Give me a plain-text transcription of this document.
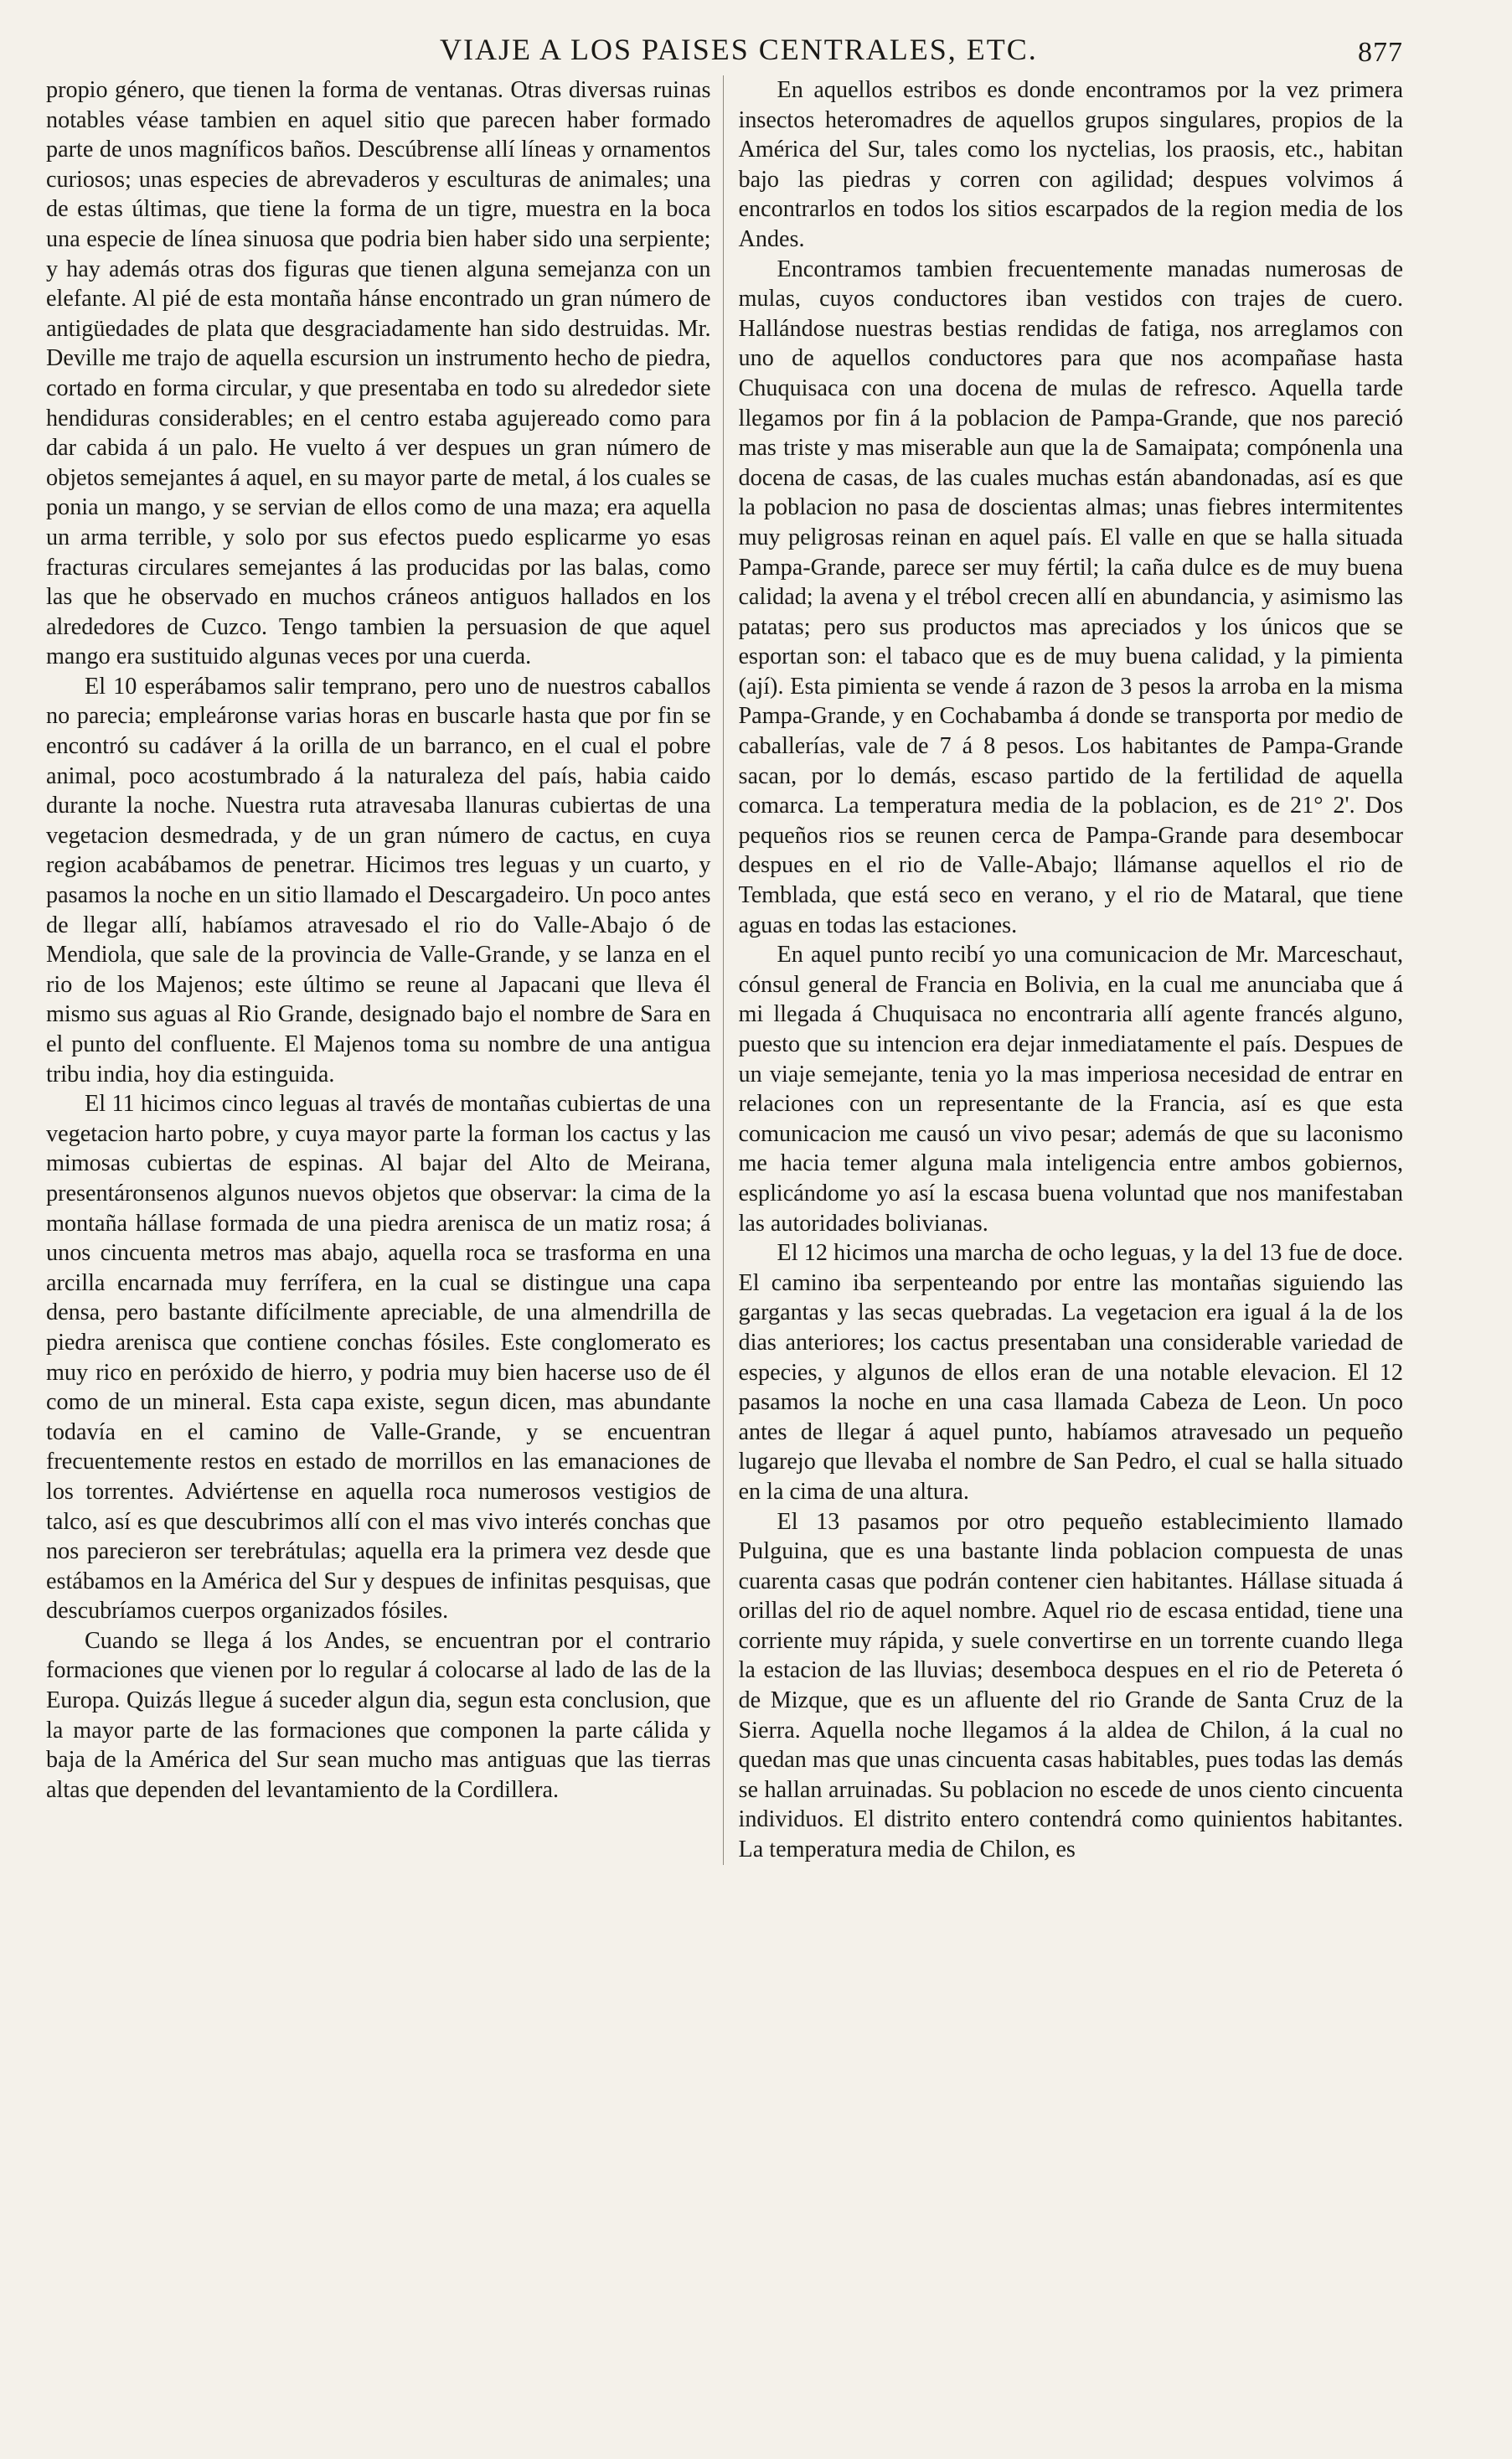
VIAJE A LOS PAISES CENTRALES, ETC.	877

propio género, que tienen la forma de ventanas. Otras diversas ruinas notables véase tambien en aquel sitio que parecen haber formado parte de unos magníficos baños. Descúbrense allí líneas y ornamentos curiosos; unas especies de abrevaderos y esculturas de animales; una de estas últimas, que tiene la forma de un tigre, muestra en la boca una especie de línea sinuosa que podria bien haber sido una serpiente; y hay además otras dos figuras que tienen alguna semejanza con un elefante. Al pié de esta montaña hánse encontrado un gran número de antigüedades de plata que desgraciadamente han sido destruidas. Mr. Deville me trajo de aquella escursion un instrumento hecho de piedra, cortado en forma circular, y que presentaba en todo su alrededor siete hendiduras considerables; en el centro estaba agujereado como para dar cabida á un palo. He vuelto á ver despues un gran número de objetos semejantes á aquel, en su mayor parte de metal, á los cuales se ponia un mango, y se servian de ellos como de una maza; era aquella un arma terrible, y solo por sus efectos puedo esplicarme yo esas fracturas circulares semejantes á las producidas por las balas, como las que he observado en muchos cráneos antiguos hallados en los alrededores de Cuzco. Tengo tambien la persuasion de que aquel mango era sustituido algunas veces por una cuerda.

El 10 esperábamos salir temprano, pero uno de nuestros caballos no parecia; empleáronse varias horas en buscarle hasta que por fin se encontró su cadáver á la orilla de un barranco, en el cual el pobre animal, poco acostumbrado á la naturaleza del país, habia caido durante la noche. Nuestra ruta atravesaba llanuras cubiertas de una vegetacion desmedrada, y de un gran número de cactus, en cuya region acabábamos de penetrar. Hicimos tres leguas y un cuarto, y pasamos la noche en un sitio llamado el Descargadeiro. Un poco antes de llegar allí, habíamos atravesado el rio do Valle-Abajo ó de Mendiola, que sale de la provincia de Valle-Grande, y se lanza en el rio de los Majenos; este último se reune al Japacani que lleva él mismo sus aguas al Rio Grande, designado bajo el nombre de Sara en el punto del confluente. El Majenos toma su nombre de una antigua tribu india, hoy dia estinguida.

El 11 hicimos cinco leguas al través de montañas cubiertas de una vegetacion harto pobre, y cuya mayor parte la forman los cactus y las mimosas cubiertas de espinas. Al bajar del Alto de Meirana, presentáronsenos algunos nuevos objetos que observar: la cima de la montaña hállase formada de una piedra arenisca de un matiz rosa; á unos cincuenta metros mas abajo, aquella roca se trasforma en una arcilla encarnada muy ferrífera, en la cual se distingue una capa densa, pero bastante difícilmente apreciable, de una almendrilla de piedra arenisca que contiene conchas fósiles. Este conglomerato es muy rico en peróxido de hierro, y podria muy bien hacerse uso de él como de un mineral. Esta capa existe, segun dicen, mas abundante todavía en el camino de Valle-Grande, y se encuentran frecuentemente restos en estado de morrillos en las emanaciones de los torrentes. Adviértense en aquella roca numerosos vestigios de talco, así es que descubrimos allí con el mas vivo interés conchas que nos parecieron ser terebrátulas; aquella era la primera vez desde que estábamos en la América del Sur y despues de infinitas pesquisas, que descubríamos cuerpos organizados fósiles.

Cuando se llega á los Andes, se encuentran por el contrario formaciones que vienen por lo regular á colocarse al lado de las de la Europa. Quizás llegue á suceder algun dia, segun esta conclusion, que la mayor parte de las formaciones que componen la parte cálida y baja de la América del Sur sean mucho mas antiguas que las tierras altas que dependen del levantamiento de la Cordillera.

En aquellos estribos es donde encontramos por la vez primera insectos heteromadres de aquellos grupos singulares, propios de la América del Sur, tales como los nyctelias, los praosis, etc., habitan bajo las piedras y corren con agilidad; despues volvimos á encontrarlos en todos los sitios escarpados de la region media de los Andes.

Encontramos tambien frecuentemente manadas numerosas de mulas, cuyos conductores iban vestidos con trajes de cuero. Hallándose nuestras bestias rendidas de fatiga, nos arreglamos con uno de aquellos conductores para que nos acompañase hasta Chuquisaca con una docena de mulas de refresco. Aquella tarde llegamos por fin á la poblacion de Pampa-Grande, que nos pareció mas triste y mas miserable aun que la de Samaipata; compónenla una docena de casas, de las cuales muchas están abandonadas, así es que la poblacion no pasa de doscientas almas; unas fiebres intermitentes muy peligrosas reinan en aquel país. El valle en que se halla situada Pampa-Grande, parece ser muy fértil; la caña dulce es de muy buena calidad; la avena y el trébol crecen allí en abundancia, y asimismo las patatas; pero sus productos mas apreciados y los únicos que se esportan son: el tabaco que es de muy buena calidad, y la pimienta (ají). Esta pimienta se vende á razon de 3 pesos la arroba en la misma Pampa-Grande, y en Cochabamba á donde se transporta por medio de caballerías, vale de 7 á 8 pesos. Los habitantes de Pampa-Grande sacan, por lo demás, escaso partido de la fertilidad de aquella comarca. La temperatura media de la poblacion, es de 21° 2'. Dos pequeños rios se reunen cerca de Pampa-Grande para desembocar despues en el rio de Valle-Abajo; llámanse aquellos el rio de Temblada, que está seco en verano, y el rio de Mataral, que tiene aguas en todas las estaciones.

En aquel punto recibí yo una comunicacion de Mr. Marceschaut, cónsul general de Francia en Bolivia, en la cual me anunciaba que á mi llegada á Chuquisaca no encontraria allí agente francés alguno, puesto que su intencion era dejar inmediatamente el país. Despues de un viaje semejante, tenia yo la mas imperiosa necesidad de entrar en relaciones con un representante de la Francia, así es que esta comunicacion me causó un vivo pesar; además de que su laconismo me hacia temer alguna mala inteligencia entre ambos gobiernos, esplicándome yo así la escasa buena voluntad que nos manifestaban las autoridades bolivianas.

El 12 hicimos una marcha de ocho leguas, y la del 13 fue de doce. El camino iba serpenteando por entre las montañas siguiendo las gargantas y las secas quebradas. La vegetacion era igual á la de los dias anteriores; los cactus presentaban una considerable variedad de especies, y algunos de ellos eran de una notable elevacion. El 12 pasamos la noche en una casa llamada Cabeza de Leon. Un poco antes de llegar á aquel punto, habíamos atravesado un pequeño lugarejo que llevaba el nombre de San Pedro, el cual se halla situado en la cima de una altura.

El 13 pasamos por otro pequeño establecimiento llamado Pulguina, que es una bastante linda poblacion compuesta de unas cuarenta casas que podrán contener cien habitantes. Hállase situada á orillas del rio de aquel nombre. Aquel rio de escasa entidad, tiene una corriente muy rápida, y suele convertirse en un torrente cuando llega la estacion de las lluvias; desemboca despues en el rio de Petereta ó de Mizque, que es un afluente del rio Grande de Santa Cruz de la Sierra. Aquella noche llegamos á la aldea de Chilon, á la cual no quedan mas que unas cincuenta casas habitables, pues todas las demás se hallan arruinadas. Su poblacion no escede de unos ciento cincuenta individuos. El distrito entero contendrá como quinientos habitantes. La temperatura media de Chilon, es
